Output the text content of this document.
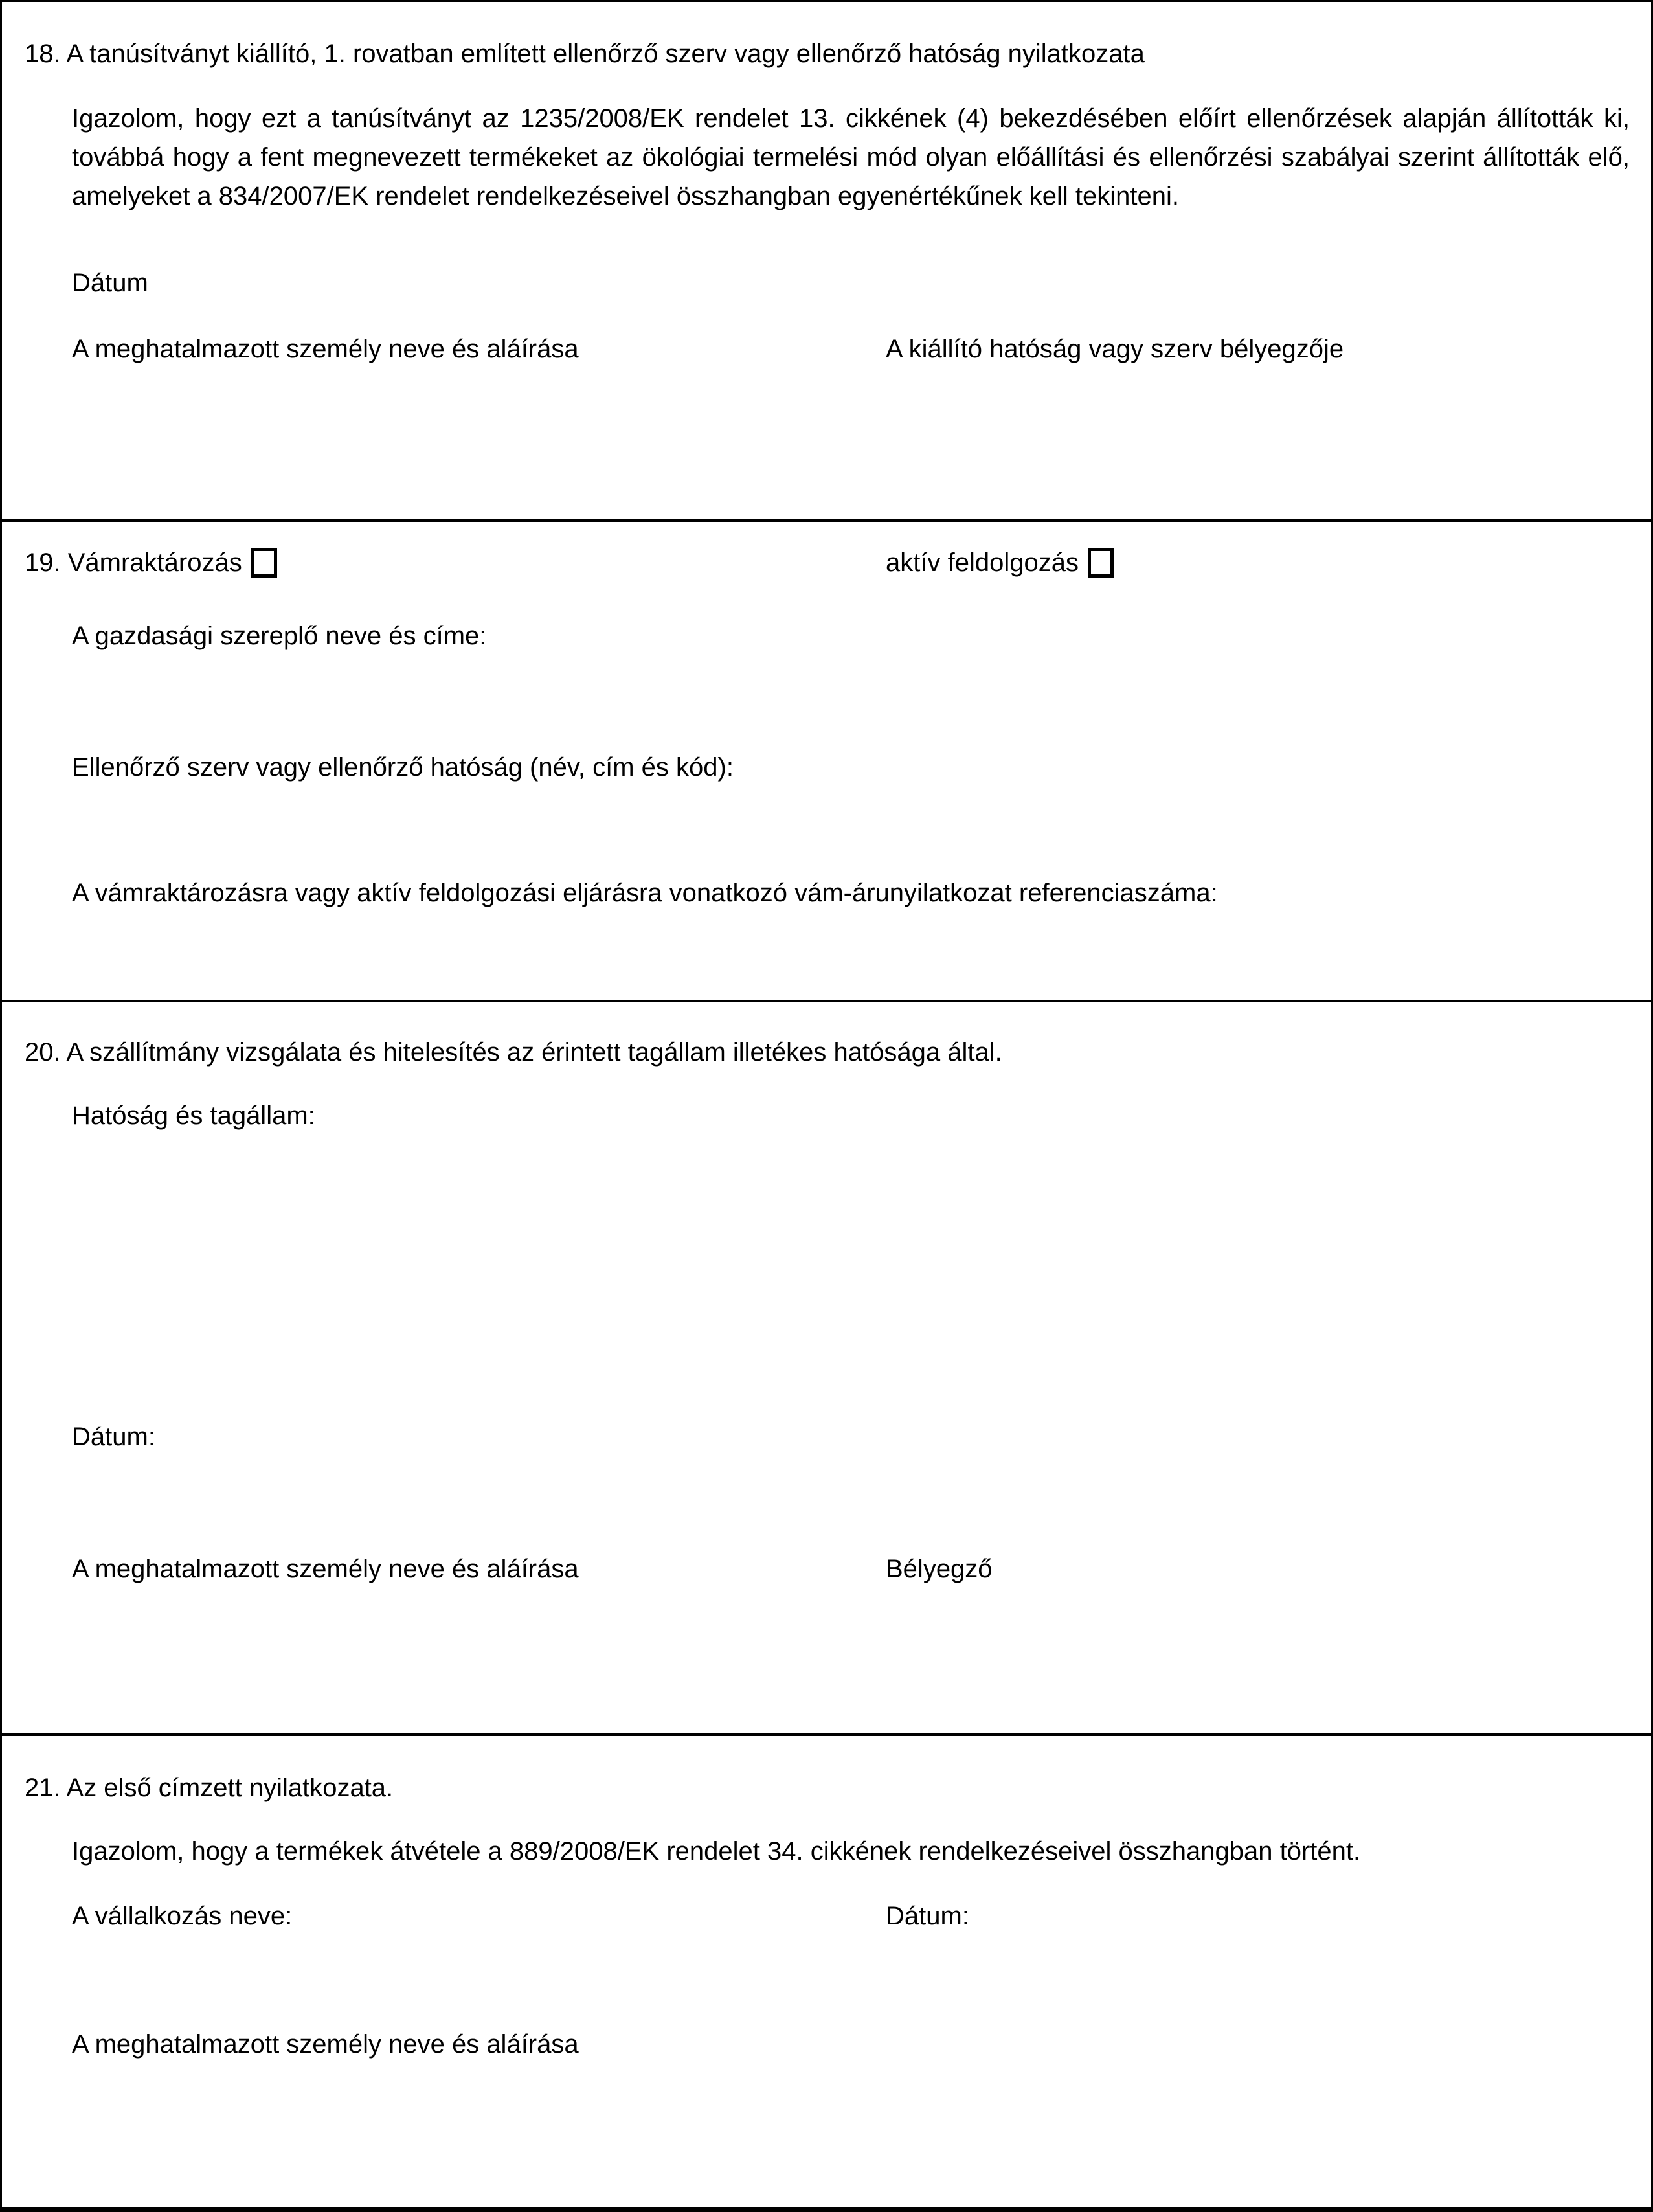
18. A tanúsítványt kiállító, 1. rovatban említett ellenőrző szerv vagy ellenőrző hatóság nyilatkozata
Igazolom, hogy ezt a tanúsítványt az 1235/2008/EK rendelet 13. cikkének (4) bekezdésében előírt ellenőrzések alapján állították ki, továbbá hogy a fent megnevezett termékeket az ökológiai termelési mód olyan előállítási és ellenőrzési szabályai szerint állították elő, amelyeket a 834/2007/EK rendelet rendelkezéseivel összhangban egyenértékűnek kell tekinteni.
Dátum
A meghatalmazott személy neve és aláírása	A kiállító hatóság vagy szerv bélyegzője
19. Vámraktározás	aktív feldolgozás
A gazdasági szereplő neve és címe:
Ellenőrző szerv vagy ellenőrző hatóság (név, cím és kód):
A vámraktározásra vagy aktív feldolgozási eljárásra vonatkozó vám-árunyilatkozat referenciaszáma:
20. A szállítmány vizsgálata és hitelesítés az érintett tagállam illetékes hatósága által.
Hatóság és tagállam:
Dátum:
A meghatalmazott személy neve és aláírása	Bélyegző
21. Az első címzett nyilatkozata.
Igazolom, hogy a termékek átvétele a 889/2008/EK rendelet 34. cikkének rendelkezéseivel összhangban történt.
A vállalkozás neve:	Dátum:
A meghatalmazott személy neve és aláírása
